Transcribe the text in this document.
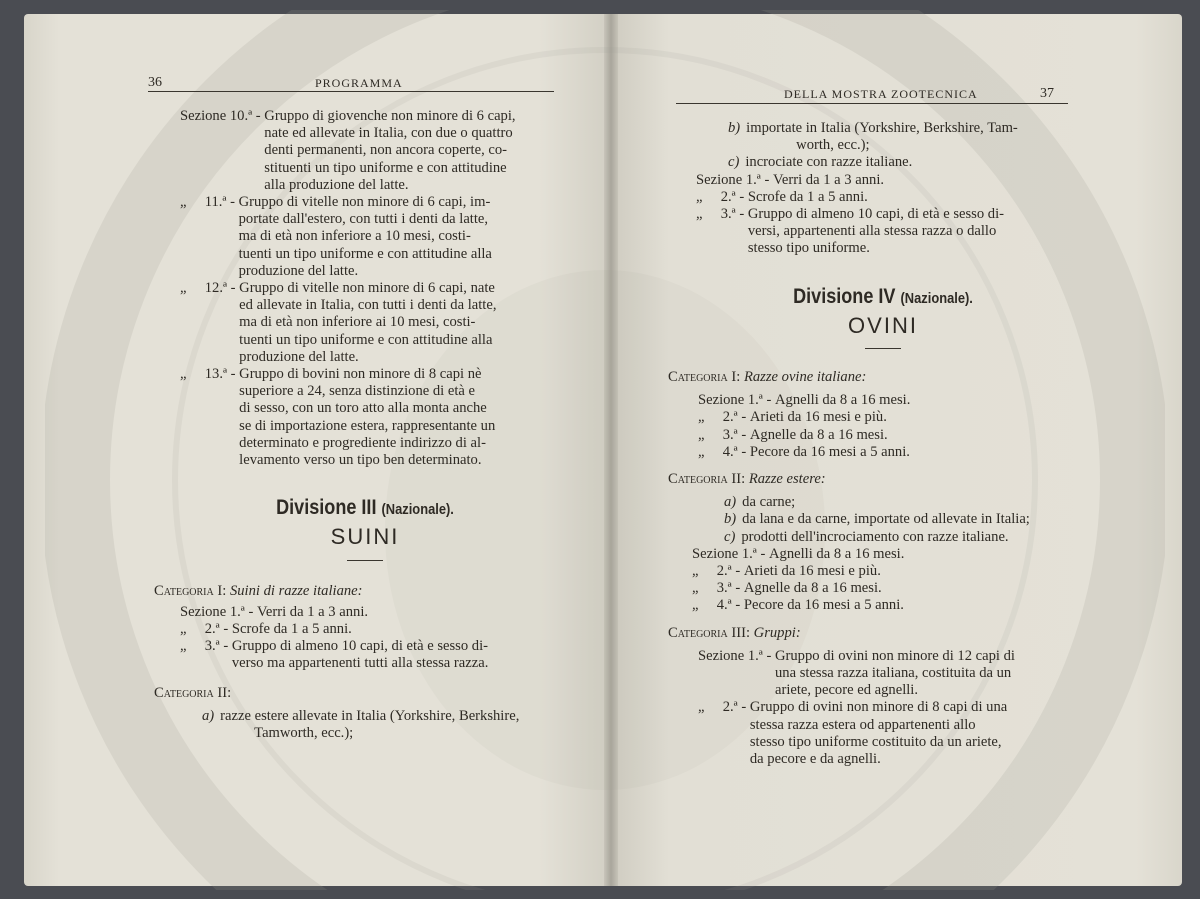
36	PROGRAMMA
Sezione 10.ª - Gruppo di giovenche non minore di 6 capi,
nate ed allevate in Italia, con due o quattro
denti permanenti, non ancora coperte, co-
stituenti un tipo uniforme e con attitudine
alla produzione del latte.
„     11.ª - Gruppo di vitelle non minore di 6 capi, im-
portate dall'estero, con tutti i denti da latte,
ma di età non inferiore a 10 mesi, costi-
tuenti un tipo uniforme e con attitudine alla
produzione del latte.
„     12.ª - Gruppo di vitelle non minore di 6 capi, nate
ed allevate in Italia, con tutti i denti da latte,
ma di età non inferiore ai 10 mesi, costi-
tuenti un tipo uniforme e con attitudine alla
produzione del latte.
„     13.ª - Gruppo di bovini non minore di 8 capi nè
superiore a 24, senza distinzione di età e
di sesso, con un toro atto alla monta anche
se di importazione estera, rappresentante un
determinato e progrediente indirizzo di al-
levamento verso un tipo ben determinato.
Divisione III (Nazionale).
SUINI
Categoria I: Suini di razze italiane:
Sezione 1.ª - Verri da 1 a 3 anni.
„     2.ª - Scrofe da 1 a 5 anni.
„     3.ª - Gruppo di almeno 10 capi, di età e sesso di-
verso ma appartenenti tutti alla stessa razza.
Categoria II:
a) razze estere allevate in Italia (Yorkshire, Berkshire,
Tamworth, ecc.);
DELLA MOSTRA ZOOTECNICA	37
b) importate in Italia (Yorkshire, Berkshire, Tam-
worth, ecc.);
c) incrociate con razze italiane.
Sezione 1.ª - Verri da 1 a 3 anni.
„     2.ª - Scrofe da 1 a 5 anni.
„     3.ª - Gruppo di almeno 10 capi, di età e sesso di-
versi, appartenenti alla stessa razza o dallo
stesso tipo uniforme.
Divisione IV (Nazionale).
OVINI
Categoria I: Razze ovine italiane:
Sezione 1.ª - Agnelli da 8 a 16 mesi.
„     2.ª - Arieti da 16 mesi e più.
„     3.ª - Agnelle da 8 a 16 mesi.
„     4.ª - Pecore da 16 mesi a 5 anni.
Categoria II: Razze estere:
a) da carne;
b) da lana e da carne, importate od allevate in Italia;
c) prodotti dell'incrociamento con razze italiane.
Sezione 1.ª - Agnelli da 8 a 16 mesi.
„     2.ª - Arieti da 16 mesi e più.
„     3.ª - Agnelle da 8 a 16 mesi.
„     4.ª - Pecore da 16 mesi a 5 anni.
Categoria III: Gruppi:
Sezione 1.ª - Gruppo di ovini non minore di 12 capi di
una stessa razza italiana, costituita da un
ariete, pecore ed agnelli.
„     2.ª - Gruppo di ovini non minore di 8 capi di una
stessa razza estera od appartenenti allo
stesso tipo uniforme costituito da un ariete,
da pecore e da agnelli.
